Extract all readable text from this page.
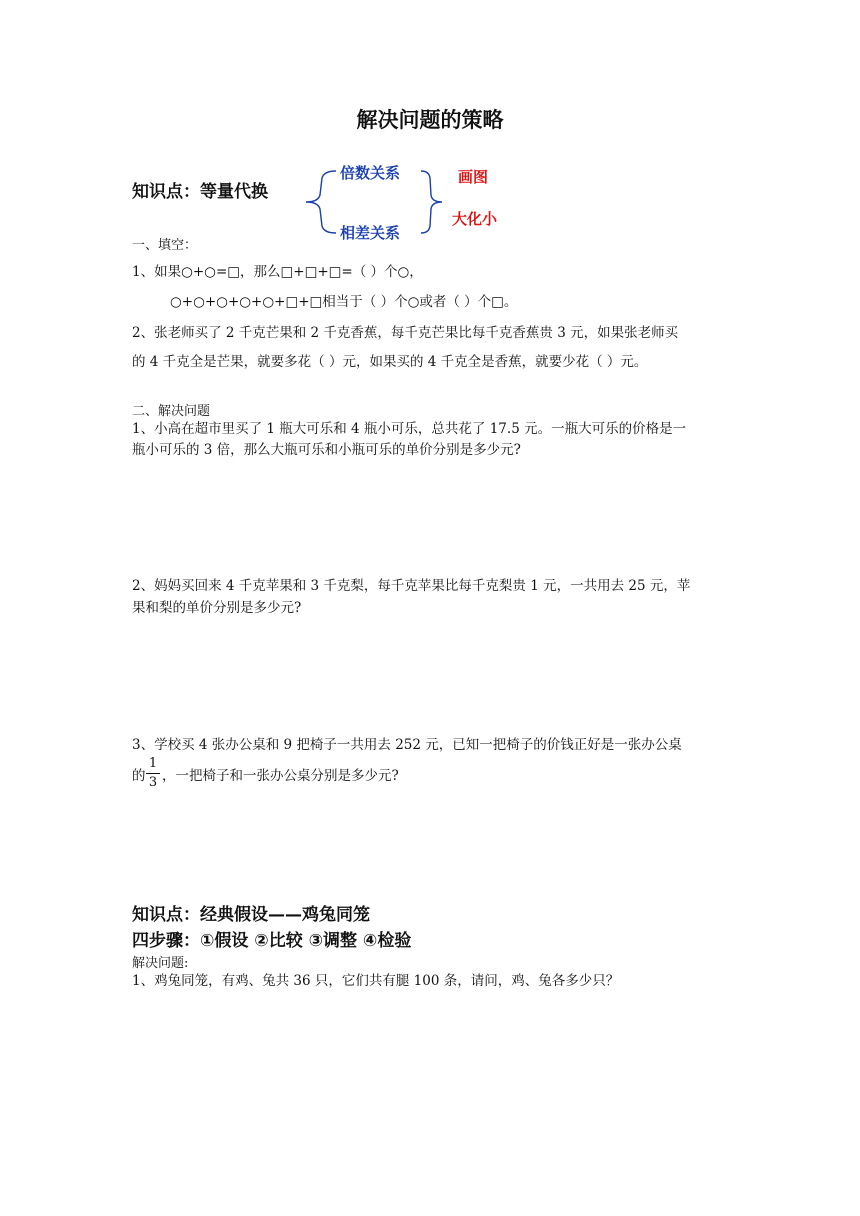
解决问题的策略
知识点：等量代换
倍数关系
相差关系
画图
大化小
一、填空：
1、如果○+○=□，那么□+□+□=（ ）个○，
○+○+○+○+○+□+□相当于（ ）个○或者（ ）个□。
2、张老师买了 2 千克芒果和 2 千克香蕉，每千克芒果比每千克香蕉贵 3 元，如果张老师买
的 4 千克全是芒果，就要多花（ ）元，如果买的 4 千克全是香蕉，就要少花（ ）元。
二、解决问题
1、小高在超市里买了 1 瓶大可乐和 4 瓶小可乐，总共花了 17.5 元。一瓶大可乐的价格是一
瓶小可乐的 3 倍，那么大瓶可乐和小瓶可乐的单价分别是多少元?
2、妈妈买回来 4 千克苹果和 3 千克梨，每千克苹果比每千克梨贵 1 元，一共用去 25 元，苹
果和梨的单价分别是多少元?
3、学校买 4 张办公桌和 9 把椅子一共用去 252 元，已知一把椅子的价钱正好是一张办公桌
的
1
3 ，一把椅子和一张办公桌分别是多少元?
知识点：经典假设——鸡兔同笼
四步骤：①假设 ②比较 ③调整 ④检验
解决问题:
1、鸡兔同笼，有鸡、兔共 36 只，它们共有腿 100 条，请问，鸡、兔各多少只？
